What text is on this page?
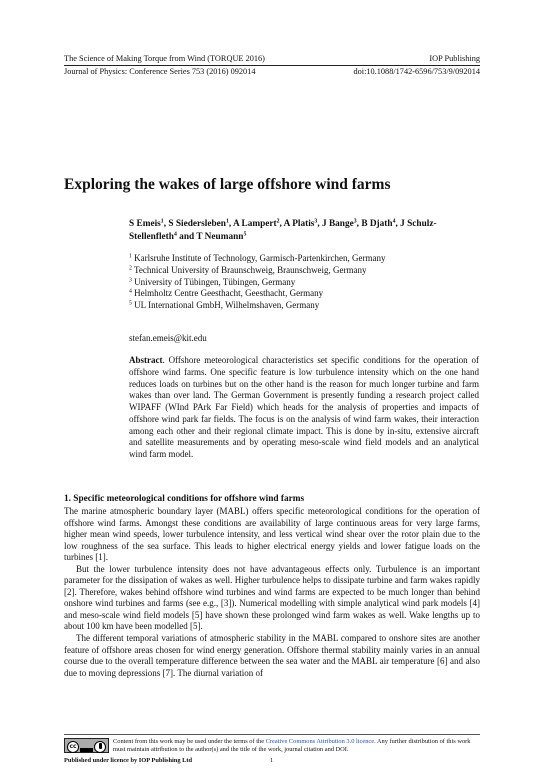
The Science of Making Torque from Wind (TORQUE 2016)	IOP Publishing
Journal of Physics: Conference Series 753 (2016) 092014	doi:10.1088/1742-6596/753/9/092014
Exploring the wakes of large offshore wind farms
S Emeis$^1$, S Siedersleben$^1$, A Lampert$^2$, A Platis$^3$, J Bange$^3$, B Djath$^4$, J Schulz-Stellenfleth$^4$ and T Neumann$^5$
$^1$ Karlsruhe Institute of Technology, Garmisch-Partenkirchen, Germany
$^2$ Technical University of Braunschweig, Braunschweig, Germany
$^3$ University of Tübingen, Tübingen, Germany
$^4$ Helmholtz Centre Geesthacht, Geesthacht, Germany
$^5$ UL International GmbH, Wilhelmshaven, Germany
stefan.emeis@kit.edu
Abstract. Offshore meteorological characteristics set specific conditions for the operation of offshore wind farms. One specific feature is low turbulence intensity which on the one hand reduces loads on turbines but on the other hand is the reason for much longer turbine and farm wakes than over land. The German Government is presently funding a research project called WIPAFF (WInd PArk Far Field) which heads for the analysis of properties and impacts of offshore wind park far fields. The focus is on the analysis of wind farm wakes, their interaction among each other and their regional climate impact. This is done by in-situ, extensive aircraft and satellite measurements and by operating meso-scale wind field models and an analytical wind farm model.
1. Specific meteorological conditions for offshore wind farms

The marine atmospheric boundary layer (MABL) offers specific meteorological conditions for the operation of offshore wind farms. Amongst these conditions are availability of large continuous areas for very large farms, higher mean wind speeds, lower turbulence intensity, and less vertical wind shear over the rotor plain due to the low roughness of the sea surface. This leads to higher electrical energy yields and lower fatigue loads on the turbines [1].

But the lower turbulence intensity does not have advantageous effects only. Turbulence is an important parameter for the dissipation of wakes as well. Higher turbulence helps to dissipate turbine and farm wakes rapidly [2]. Therefore, wakes behind offshore wind turbines and wind farms are expected to be much longer than behind onshore wind turbines and farms (see e.g., [3]). Numerical modelling with simple analytical wind park models [4] and meso-scale wind field models [5] have shown these prolonged wind farm wakes as well. Wake lengths up to about 100 km have been modelled [5].

The different temporal variations of atmospheric stability in the MABL compared to onshore sites are another feature of offshore areas chosen for wind energy generation. Offshore thermal stability mainly varies in an annual course due to the overall temperature difference between the sea water and the MABL air temperature [6] and also due to moving depressions [7]. The diurnal variation of

cc
Content from this work may be used under the terms of the Creative Commons Attribution 3.0 licence. Any further distribution of this work must maintain attribution to the author(s) and the title of the work, journal citation and DOI.
Published under licence by IOP Publishing Ltd	1
